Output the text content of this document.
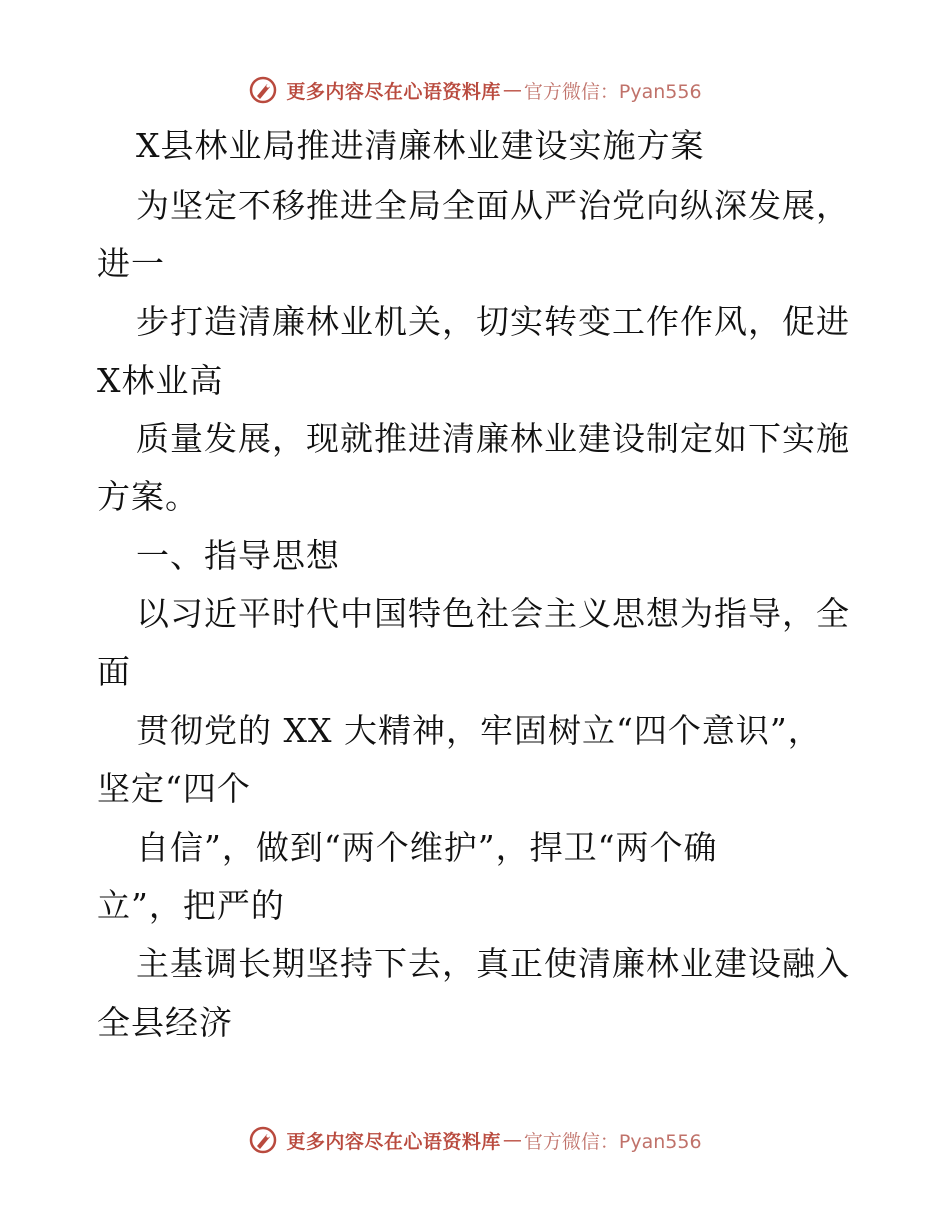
更多内容尽在心语资料库 — 官方微信：Pyan556
X县林业局推进清廉林业建设实施方案
为坚定不移推进全局全面从严治党向纵深发展，
进一
步打造清廉林业机关，切实转变工作作风，促进
X林业高
质量发展，现就推进清廉林业建设制定如下实施
方案。
一、指导思想
以习近平时代中国特色社会主义思想为指导，全
面
贯彻党的 XX 大精神，牢固树立“四个意识”，
坚定“四个
自信”，做到“两个维护”，捍卫“两个确
立”，把严的
主基调长期坚持下去，真正使清廉林业建设融入
全县经济
更多内容尽在心语资料库 — 官方微信：Pyan556
